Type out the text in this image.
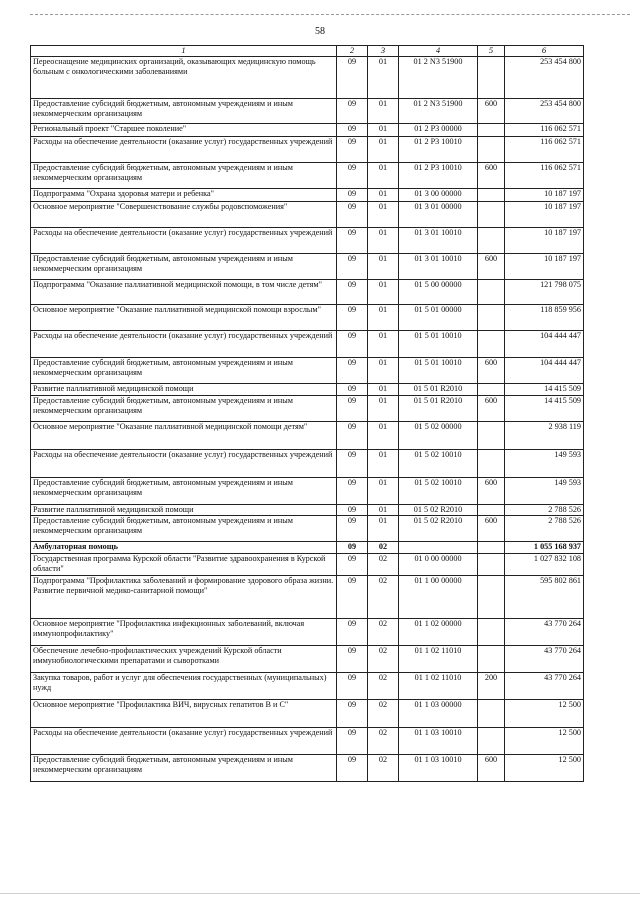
58
1	2	3	4	5	6
Переоснащение медицинских организаций, оказывающих медицинскую помощь больным с онкологическими заболеваниями	09	01	01 2 N3 51900		253 454 800
Предоставление субсидий бюджетным, автономным учреждениям и иным некоммерческим организациям	09	01	01 2 N3 51900	600	253 454 800
Региональный проект "Старшее поколение"	09	01	01 2 P3 00000		116 062 571
Расходы на обеспечение деятельности (оказание услуг) государственных учреждений	09	01	01 2 P3 10010		116 062 571
Предоставление субсидий бюджетным, автономным учреждениям и иным некоммерческим организациям	09	01	01 2 P3 10010	600	116 062 571
Подпрограмма "Охрана здоровья матери и ребенка"	09	01	01 3 00 00000		10 187 197
Основное мероприятие "Совершенствование службы родовспоможения"	09	01	01 3 01 00000		10 187 197
Расходы на обеспечение деятельности (оказание услуг) государственных учреждений	09	01	01 3 01 10010		10 187 197
Предоставление субсидий бюджетным, автономным учреждениям и иным некоммерческим организациям	09	01	01 3 01 10010	600	10 187 197
Подпрограмма "Оказание паллиативной медицинской помощи, в том числе детям"	09	01	01 5 00 00000		121 798 075
Основное мероприятие "Оказание паллиативной медицинской помощи взрослым"	09	01	01 5 01 00000		118 859 956
Расходы на обеспечение деятельности (оказание услуг) государственных учреждений	09	01	01 5 01 10010		104 444 447
Предоставление субсидий бюджетным, автономным учреждениям и иным некоммерческим организациям	09	01	01 5 01 10010	600	104 444 447
Развитие паллиативной медицинской помощи	09	01	01 5 01 R2010		14 415 509
Предоставление субсидий бюджетным, автономным учреждениям и иным некоммерческим организациям	09	01	01 5 01 R2010	600	14 415 509
Основное мероприятие "Оказание паллиативной медицинской помощи детям"	09	01	01 5 02 00000		2 938 119
Расходы на обеспечение деятельности (оказание услуг) государственных учреждений	09	01	01 5 02 10010		149 593
Предоставление субсидий бюджетным, автономным учреждениям и иным некоммерческим организациям	09	01	01 5 02 10010	600	149 593
Развитие паллиативной медицинской помощи	09	01	01 5 02 R2010		2 788 526
Предоставление субсидий бюджетным, автономным учреждениям и иным некоммерческим организациям	09	01	01 5 02 R2010	600	2 788 526
Амбулаторная помощь	09	02			1 055 168 937
Государственная программа Курской области "Развитие здравоохранения в Курской области"	09	02	01 0 00 00000		1 027 832 108
Подпрограмма "Профилактика заболеваний и формирование здорового образа жизни. Развитие первичной медико-санитарной помощи"	09	02	01 1 00 00000		595 802 861
Основное мероприятие "Профилактика инфекционных заболеваний, включая иммунопрофилактику"	09	02	01 1 02 00000		43 770 264
Обеспечение лечебно-профилактических учреждений Курской области иммунобиологическими препаратами и сыворотками	09	02	01 1 02 11010		43 770 264
Закупка товаров, работ и услуг для обеспечения государственных (муниципальных) нужд	09	02	01 1 02 11010	200	43 770 264
Основное мероприятие "Профилактика ВИЧ, вирусных гепатитов В и С"	09	02	01 1 03 00000		12 500
Расходы на обеспечение деятельности (оказание услуг) государственных учреждений	09	02	01 1 03 10010		12 500
Предоставление субсидий бюджетным, автономным учреждениям и иным некоммерческим организациям	09	02	01 1 03 10010	600	12 500
